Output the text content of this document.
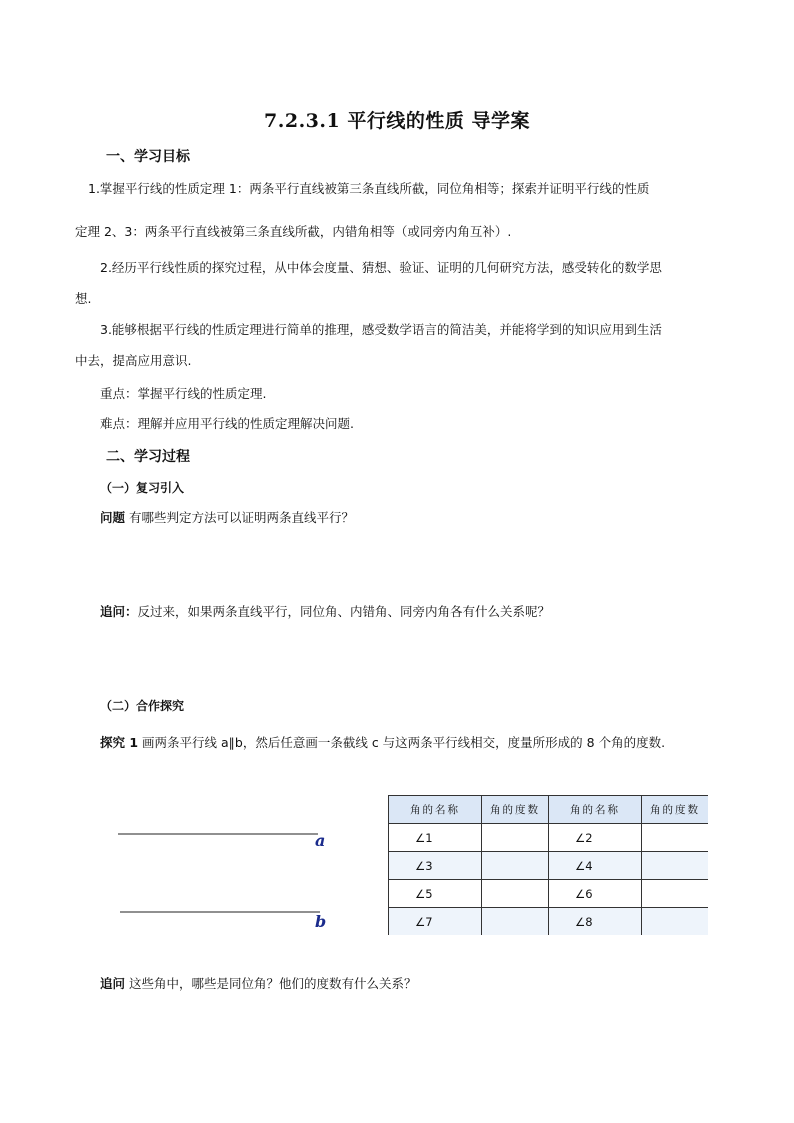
7.2.3.1 平行线的性质 导学案
一、学习目标
1.掌握平行线的性质定理 1：两条平行直线被第三条直线所截，同位角相等；探索并证明平行线的性质
定理 2、3：两条平行直线被第三条直线所截，内错角相等（或同旁内角互补）.
2.经历平行线性质的探究过程，从中体会度量、猜想、验证、证明的几何研究方法，感受转化的数学思
想.
3.能够根据平行线的性质定理进行简单的推理，感受数学语言的简洁美，并能将学到的知识应用到生活
中去，提高应用意识.
重点：掌握平行线的性质定理.
难点：理解并应用平行线的性质定理解决问题.
二、学习过程
（一）复习引入
问题 有哪些判定方法可以证明两条直线平行？
追问：反过来，如果两条直线平行，同位角、内错角、同旁内角各有什么关系呢？
（二）合作探究
探究 1 画两条平行线 a∥b，然后任意画一条截线 c 与这两条平行线相交，度量所形成的 8 个角的度数.
a
b
角的名称	角的度数	角的名称	角的度数
∠1		∠2	
∠3		∠4	
∠5		∠6	
∠7		∠8	
追问 这些角中，哪些是同位角？他们的度数有什么关系？
